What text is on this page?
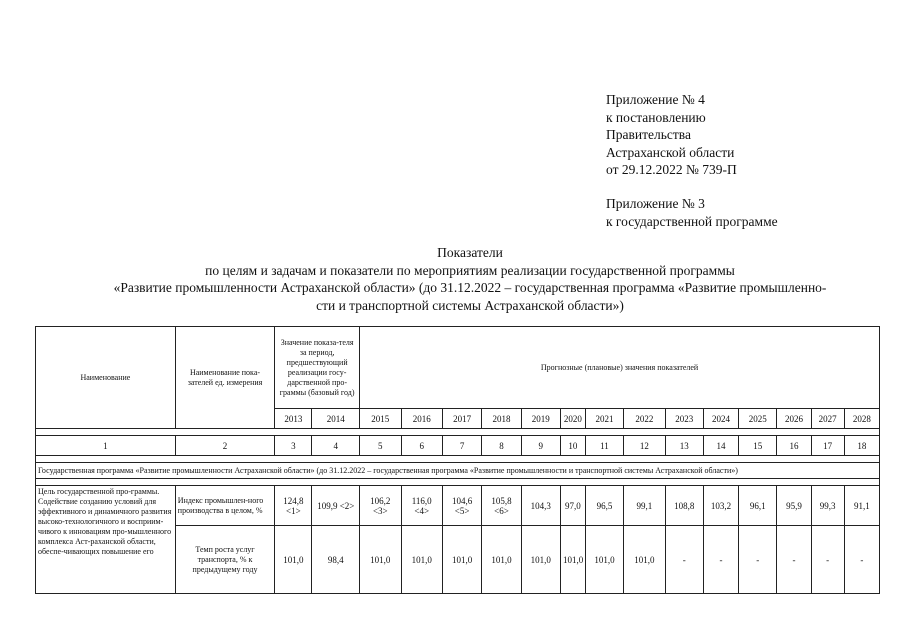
Приложение № 4
к постановлению
Правительства
Астраханской области
от 29.12.2022 № 739-П
Приложение № 3
к государственной программе
Показатели
по целям и задачам и показатели по мероприятиям реализации государственной программы
«Развитие промышленности Астраханской области» (до 31.12.2022 – государственная программа «Развитие промышленно-
сти и транспортной системы Астраханской области»)
Наименование	Наименование пока-зателей ед. измерения	Значение показа-теля за период, предшествующий реализации госу-дарственной про-граммы (базовый год)		Прогнозные (плановые) значения показателей													
		2013	2014	2015	2016	2017	2018	2019	2020	2021	2022	2023	2024	2025	2026	2027	2028

1	2	3	4	5	6	7	8	9	10	11	12	13	14	15	16	17	18

Государственная программа «Развитие промышленности Астраханской области» (до 31.12.2022 – государственная программа «Развитие промышленности и транспортной системы Астраханской области»)																	

Цель государственной про-граммы. Содействие созданию условий для эффективного и динамичного развития высоко-технологичного и восприим-чивого к инновациям про-мышленного комплекса Аст-раханской области, обеспе-чивающих повышение его	Индекс промышлен-ного производства в целом, %	124,8 <1>	109,9 <2>	106,2 <3>	116,0 <4>	104,6 <5>	105,8 <6>	104,3	97,0	96,5	99,1	108,8	103,2	96,1	95,9	99,3	91,1
	Темп роста услуг транспорта, % к предыдущему году	101,0	98,4	101,0	101,0	101,0	101,0	101,0	101,0	101,0	101,0	-	-	-	-	-	-
